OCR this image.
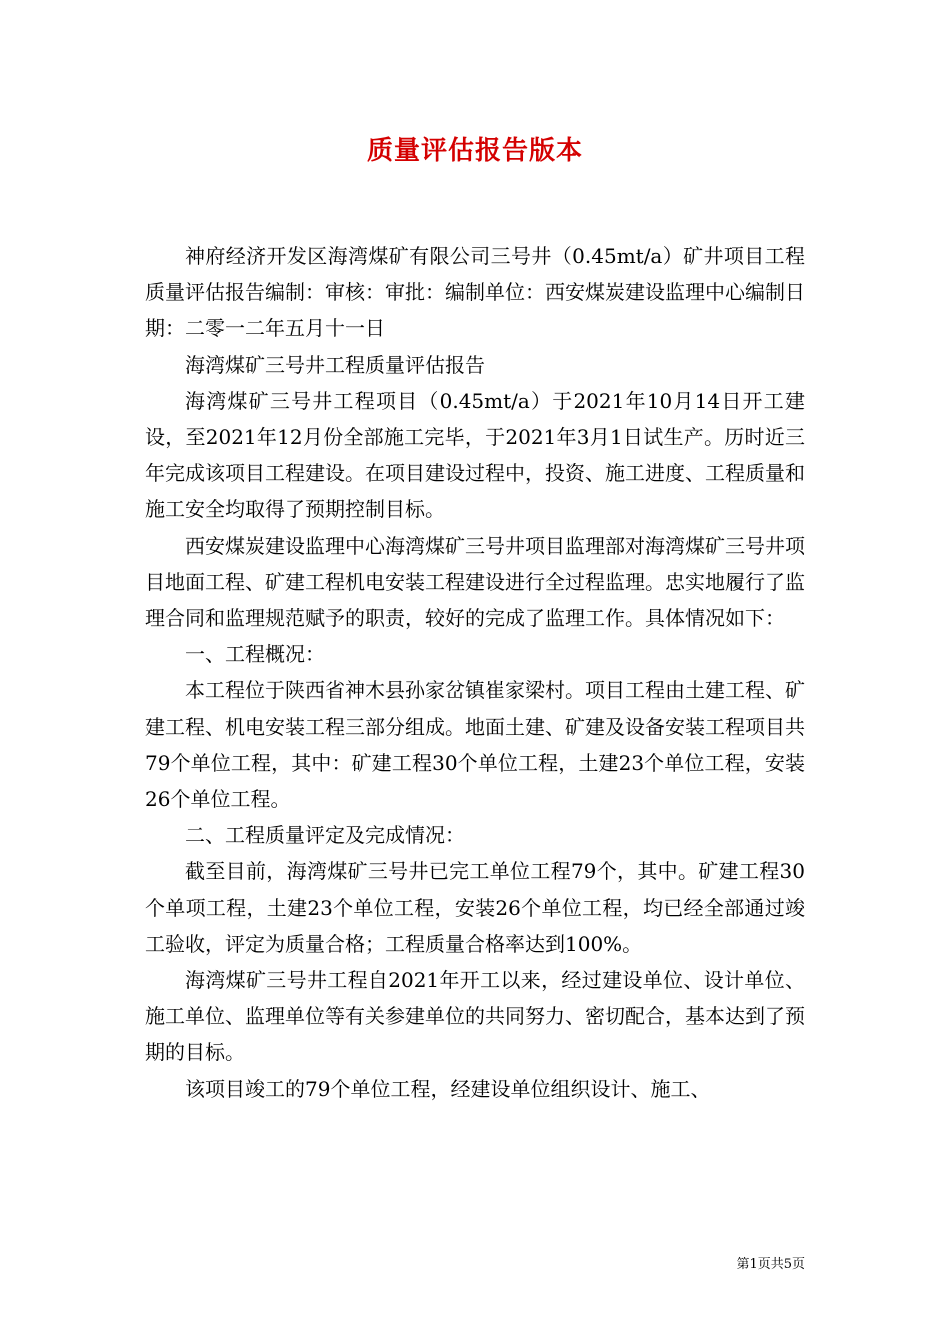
质量评估报告版本

神府经济开发区海湾煤矿有限公司三号井（0.45mt/a）矿井项目工程质量评估报告编制：审核：审批：编制单位：西安煤炭建设监理中心编制日期：二零一二年五月十一日

海湾煤矿三号井工程质量评估报告

海湾煤矿三号井工程项目（0.45mt/a）于2021年10月14日开工建设，至2021年12月份全部施工完毕，于2021年3月1日试生产。历时近三年完成该项目工程建设。在项目建设过程中，投资、施工进度、工程质量和施工安全均取得了预期控制目标。

西安煤炭建设监理中心海湾煤矿三号井项目监理部对海湾煤矿三号井项目地面工程、矿建工程机电安装工程建设进行全过程监理。忠实地履行了监理合同和监理规范赋予的职责，较好的完成了监理工作。具体情况如下：

一、工程概况：

本工程位于陕西省神木县孙家岔镇崔家梁村。项目工程由土建工程、矿建工程、机电安装工程三部分组成。地面土建、矿建及设备安装工程项目共79个单位工程，其中：矿建工程30个单位工程，土建23个单位工程，安装26个单位工程。

二、工程质量评定及完成情况：

截至目前，海湾煤矿三号井已完工单位工程79个，其中。矿建工程30个单项工程，土建23个单位工程，安装26个单位工程，均已经全部通过竣工验收，评定为质量合格；工程质量合格率达到100%。

海湾煤矿三号井工程自2021年开工以来，经过建设单位、设计单位、施工单位、监理单位等有关参建单位的共同努力、密切配合，基本达到了预期的目标。

该项目竣工的79个单位工程，经建设单位组织设计、施工、

第1页共5页
